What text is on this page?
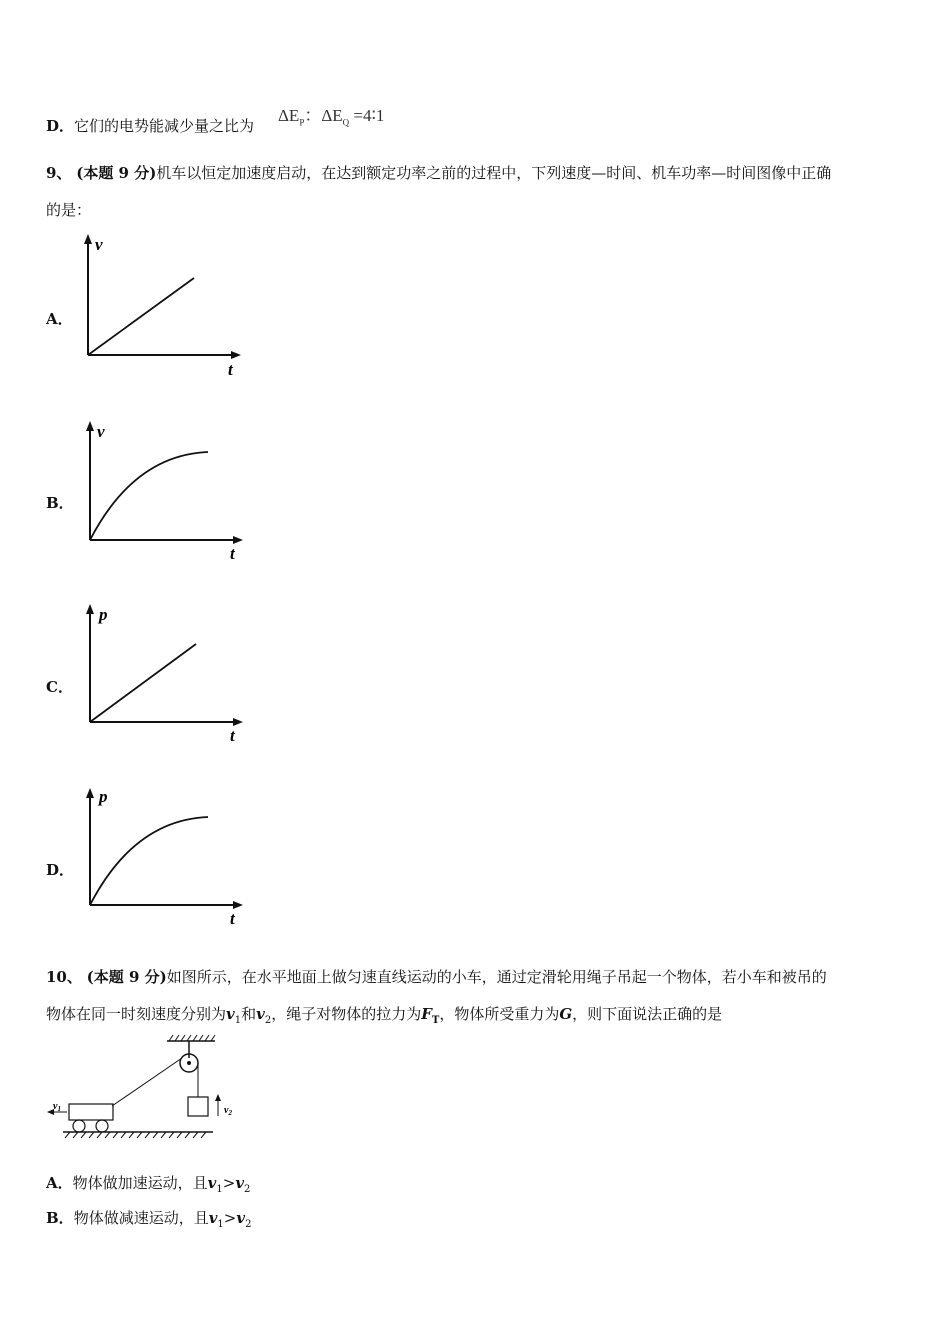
D．它们的电势能减少量之比为
$\Delta E_P$：$\Delta E_Q$ =4∶1
9、 (本题 9 分)机车以恒定加速度启动，在达到额定功率之前的过程中，下列速度—时间、机车功率—时间图像中正确
的是：
A．
v
t
B．
v
t
C．
p
t
D．
p
t
10、 (本题 9 分)如图所示，在水平地面上做匀速直线运动的小车，通过定滑轮用绳子吊起一个物体，若小车和被吊的
物体在同一时刻速度分别为$v_1$和$v_2$，绳子对物体的拉力为$F_T$，物体所受重力为G，则下面说法正确的是
$v_2$
$v_1$
A．物体做加速运动，且$v_1>v_2$
B．物体做减速运动，且$v_1>v_2$
